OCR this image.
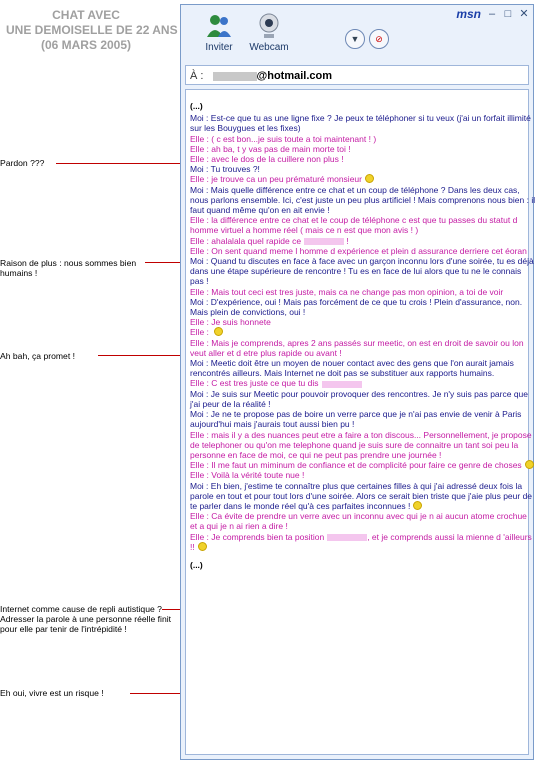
CHAT AVEC
UNE DEMOISELLE DE 22 ANS
(06 MARS 2005)
Pardon ???
Raison de plus : nous sommes bien humains !
Ah bah, ça promet !
Internet comme cause de repli autistique ? Adresser la parole à une personne réelle finit pour elle par tenir de l'intrépidité !
Eh oui, vivre est un risque !
msn ‒ □ ✕
Inviter	Webcam
▼	⊘
À :	@hotmail.com
(...)
Moi : Est-ce que tu as une ligne fixe ? Je peux te téléphoner si tu veux (j'ai un forfait illimité sur les Bouygues et les fixes)
Elle : ( c est bon...je suis toute a toi maintenant ! )
Elle : ah ba, t y vas pas de main morte toi !
Elle : avec le dos de la cuillere non plus !
Moi : Tu trouves ?!
Elle : je trouve ca un peu prématuré monsieur
Moi : Mais quelle différence entre ce chat et un coup de téléphone ? Dans les deux cas, nous parlons ensemble. Ici, c'est juste un peu plus artificiel ! Mais comprenons nous bien : il faut quand même qu'on en ait envie !
Elle : la différence entre ce chat et le coup de téléphone c est que tu passes du statut d homme virtuel a homme réel ( mais ce n est que mon avis ! )
Elle : ahalalala quel rapide ce	!
Elle : On sent quand meme l homme d expérience et plein d assurance derriere cet éoran
Moi : Quand tu discutes en face à face avec un garçon inconnu lors d'une soirée, tu es déjà dans une étape supérieure de rencontre ! Tu es en face de lui alors que tu ne le connais pas !
Elle : Mais tout ceci est tres juste, mais ca ne change pas mon opinion, a toi de voir
Moi : D'expérience, oui ! Mais pas forcément de ce que tu crois ! Plein d'assurance, non. Mais plein de convictions, oui !
Elle : Je suis honnete
Elle :
Elle : Mais je comprends, apres 2 ans passés sur meetic, on est en droit de savoir ou lon veut aller et d etre plus rapide ou avant !
Moi : Meetic doit être un moyen de nouer contact avec des gens que l'on aurait jamais rencontrés ailleurs. Mais Internet ne doit pas se substituer aux rapports humains.
Elle : C est tres juste ce que tu dis
Moi : Je suis sur Meetic pour pouvoir provoquer des rencontres. Je n'y suis pas parce que j'ai peur de la réalité !
Moi : Je ne te propose pas de boire un verre parce que je n'ai pas envie de venir à Paris aujourd'hui mais j'aurais tout aussi bien pu !
Elle : mais il y a des nuances peut etre a faire a ton discous... Personnellement, je propose de telephoner ou qu'on me telephone quand je suis sure de connaitre un tant soi peu la personne en face de moi, ce qui ne peut pas prendre une journée !
Elle : Il me faut un miminum de confiance et de complicité pour faire ce genre de choses
Elle : Voilà la vérité toute nue !
Moi : Eh bien, j'estime te connaître plus que certaines filles à qui j'ai adressé deux fois la parole en tout et pour tout lors d'une soirée. Alors ce serait bien triste que j'aie plus peur de te parler dans le monde réel qu'à ces parfaites inconnues !
Elle : Ca évite de prendre un verre avec un inconnu avec qui je n ai aucun atome crochue et a qui je n ai rien a dire !
Elle : Je comprends bien ta position	, et je comprends aussi la mienne d 'ailleurs !!
(...)
